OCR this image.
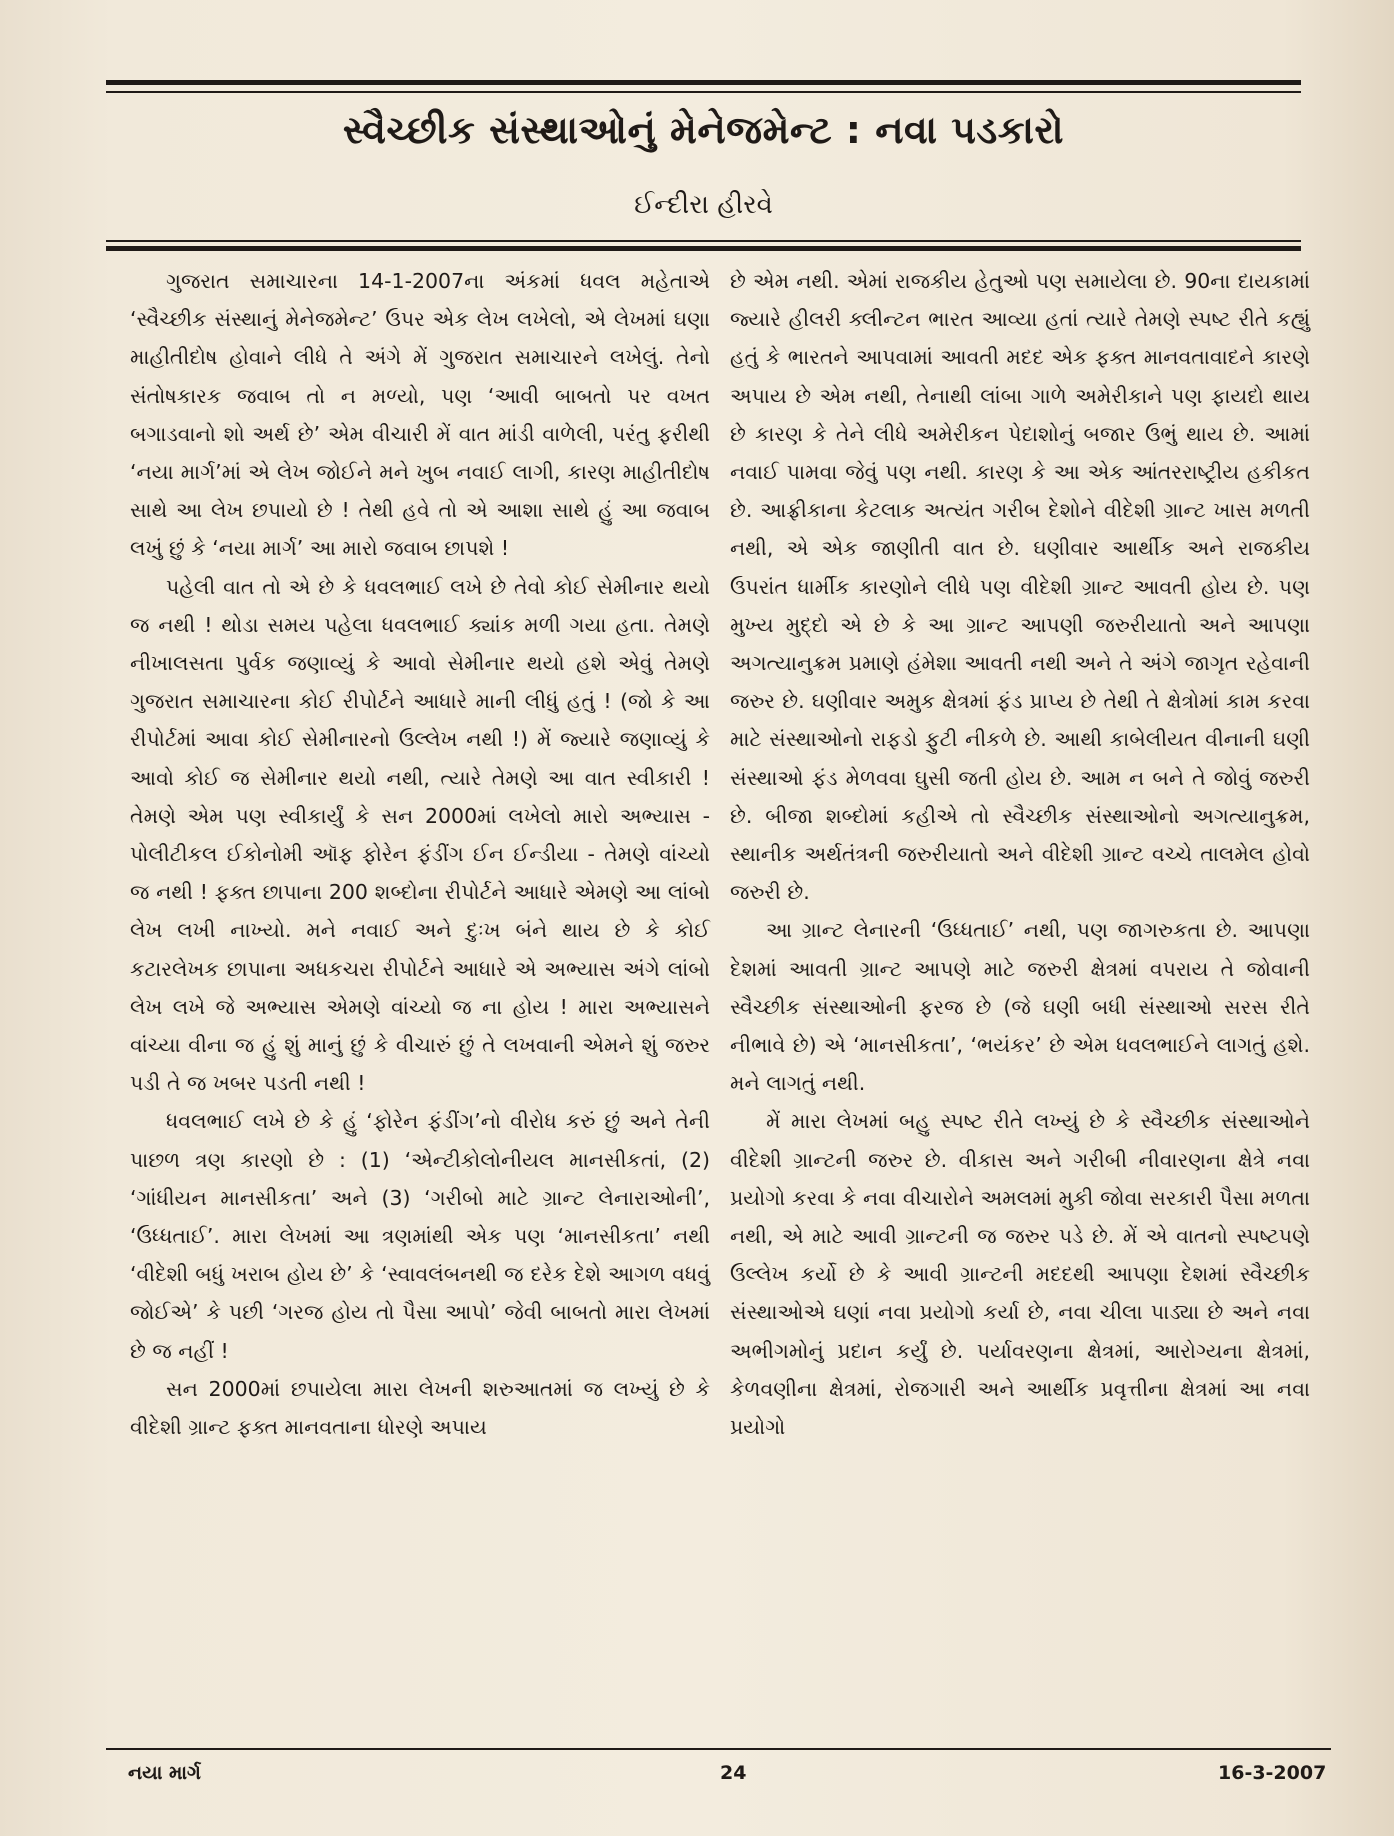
સ્વૈચ્છીક સંસ્થાઓનું મેનેજમેન્ટ : નવા પડકારો
ઈન્દીરા હીરવે

ગુજરાત સમાચારના 14-1-2007ના અંકમાં ધવલ મહેતાએ ‘સ્વૈચ્છીક સંસ્થાનું મેનેજમેન્ટ’ ઉપર એક લેખ લખેલો, એ લેખમાં ઘણા માહીતીદોષ હોવાને લીધે તે અંગે મેં ગુજરાત સમાચારને લખેલું. તેનો સંતોષકારક જવાબ તો ન મળ્યો, પણ ‘આવી બાબતો પર વખત બગાડવાનો શો અર્થ છે’ એમ વીચારી મેં વાત માંડી વાળેલી, પરંતુ ફરીથી ‘નયા માર્ગ’માં એ લેખ જોઈને મને ખુબ નવાઈ લાગી, કારણ માહીતીદોષ સાથે આ લેખ છપાયો છે ! તેથી હવે તો એ આશા સાથે હું આ જવાબ લખું છું કે ‘નયા માર્ગ’ આ મારો જવાબ છાપશે !

પહેલી વાત તો એ છે કે ધવલભાઈ લખે છે તેવો કોઈ સેમીનાર થયો જ નથી ! થોડા સમય પહેલા ધવલભાઈ ક્યાંક મળી ગયા હતા. તેમણે નીખાલસતા પુર્વક જણાવ્યું કે આવો સેમીનાર થયો હશે એવું તેમણે ગુજરાત સમાચારના કોઈ રીપોર્ટને આધારે માની લીધું હતું ! (જો કે આ રીપોર્ટમાં આવા કોઈ સેમીનારનો ઉલ્લેખ નથી !) મેં જ્યારે જણાવ્યું કે આવો કોઈ જ સેમીનાર થયો નથી, ત્યારે તેમણે આ વાત સ્વીકારી ! તેમણે એમ પણ સ્વીકાર્યું કે સન 2000માં લખેલો મારો અભ્યાસ - પોલીટીકલ ઈકોનોમી ઑફ ફોરેન ફંડીંગ ઈન ઈન્ડીયા - તેમણે વાંચ્યો જ નથી ! ફક્ત છાપાના 200 શબ્દોના રીપોર્ટને આધારે એમણે આ લાંબો લેખ લખી નાખ્યો. મને નવાઈ અને દુઃખ બંને થાય છે કે કોઈ કટારલેખક છાપાના અધકચરા રીપોર્ટને આધારે એ અભ્યાસ અંગે લાંબો લેખ લખે જે અભ્યાસ એમણે વાંચ્યો જ ના હોય ! મારા અભ્યાસને વાંચ્યા વીના જ હું શું માનું છું કે વીચારું છું તે લખવાની એમને શું જરુર પડી તે જ ખબર પડતી નથી !

ધવલભાઈ લખે છે કે હું ‘ફોરેન ફંડીંગ’નો વીરોધ કરું છું અને તેની પાછળ ત્રણ કારણો છે : (1) ‘એન્ટીકોલોનીયલ માનસીકતાં, (2) ‘ગાંધીયન માનસીકતા’ અને (3) ‘ગરીબો માટે ગ્રાન્ટ લેનારાઓની’, ‘ઉધ્ધતાઈ’. મારા લેખમાં આ ત્રણમાંથી એક પણ ‘માનસીકતા’ નથી ‘વીદેશી બધું ખરાબ હોય છે’ કે ‘સ્વાવલંબનથી જ દરેક દેશે આગળ વધવું જોઈએ’ કે પછી ‘ગરજ હોય તો પૈસા આપો’ જેવી બાબતો મારા લેખમાં છે જ નહીં !

સન 2000માં છપાયેલા મારા લેખની શરુઆતમાં જ લખ્યું છે કે વીદેશી ગ્રાન્ટ ફક્ત માનવતાના ધોરણે અપાય

છે એમ નથી. એમાં રાજકીય હેતુઓ પણ સમાયેલા છે. 90ના દાયકામાં જ્યારે હીલરી ક્લીન્ટન ભારત આવ્યા હતાં ત્યારે તેમણે સ્પષ્ટ રીતે કહ્યું હતું કે ભારતને આપવામાં આવતી મદદ એક ફક્ત માનવતાવાદને કારણે અપાય છે એમ નથી, તેનાથી લાંબા ગાળે અમેરીકાને પણ ફાયદો થાય છે કારણ કે તેને લીધે અમેરીકન પેદાશોનું બજાર ઉભું થાય છે. આમાં નવાઈ પામવા જેવું પણ નથી. કારણ કે આ એક આંતરરાષ્ટ્રીય હકીકત છે. આફ્રીકાના કેટલાક અત્યંત ગરીબ દેશોને વીદેશી ગ્રાન્ટ ખાસ મળતી નથી, એ એક જાણીતી વાત છે. ઘણીવાર આર્થીક અને રાજકીય ઉપરાંત ધાર્મીક કારણોને લીધે પણ વીદેશી ગ્રાન્ટ આવતી હોય છે. પણ મુખ્ય મુદ્દો એ છે કે આ ગ્રાન્ટ આપણી જરુરીયાતો અને આપણા અગત્યાનુક્રમ પ્રમાણે હંમેશા આવતી નથી અને તે અંગે જાગૃત રહેવાની જરુર છે. ઘણીવાર અમુક ક્ષેત્રમાં ફંડ પ્રાપ્ય છે તેથી તે ક્ષેત્રોમાં કામ કરવા માટે સંસ્થાઓનો રાફડો ફુટી નીકળે છે. આથી કાબેલીયત વીનાની ઘણી સંસ્થાઓ ફંડ મેળવવા ઘુસી જતી હોય છે. આમ ન બને તે જોવું જરુરી છે. બીજા શબ્દોમાં કહીએ તો સ્વૈચ્છીક સંસ્થાઓનો અગત્યાનુક્રમ, સ્થાનીક અર્થતંત્રની જરુરીયાતો અને વીદેશી ગ્રાન્ટ વચ્ચે તાલમેલ હોવો જરુરી છે.

આ ગ્રાન્ટ લેનારની ‘ઉધ્ધતાઈ’ નથી, પણ જાગરુકતા છે. આપણા દેશમાં આવતી ગ્રાન્ટ આપણે માટે જરુરી ક્ષેત્રમાં વપરાય તે જોવાની સ્વૈચ્છીક સંસ્થાઓની ફરજ છે (જે ઘણી બધી સંસ્થાઓ સરસ રીતે નીભાવે છે) એ ‘માનસીકતા’, ‘ભયંકર’ છે એમ ધવલભાઈને લાગતું હશે. મને લાગતું નથી.

મેં મારા લેખમાં બહુ સ્પષ્ટ રીતે લખ્યું છે કે સ્વૈચ્છીક સંસ્થાઓને વીદેશી ગ્રાન્ટની જરુર છે. વીકાસ અને ગરીબી નીવારણના ક્ષેત્રે નવા પ્રયોગો કરવા કે નવા વીચારોને અમલમાં મુકી જોવા સરકારી પૈસા મળતા નથી, એ માટે આવી ગ્રાન્ટની જ જરુર પડે છે. મેં એ વાતનો સ્પષ્ટપણે ઉલ્લેખ કર્યો છે કે આવી ગ્રાન્ટની મદદથી આપણા દેશમાં સ્વૈચ્છીક સંસ્થાઓએ ઘણાં નવા પ્રયોગો કર્યા છે, નવા ચીલા પાડ્યા છે અને નવા અભીગમોનું પ્રદાન કર્યું છે. પર્યાવરણના ક્ષેત્રમાં, આરોગ્યના ક્ષેત્રમાં, કેળવણીના ક્ષેત્રમાં, રોજગારી અને આર્થીક પ્રવૃત્તીના ક્ષેત્રમાં આ નવા પ્રયોગો

નયા માર્ગ	24	16-3-2007
